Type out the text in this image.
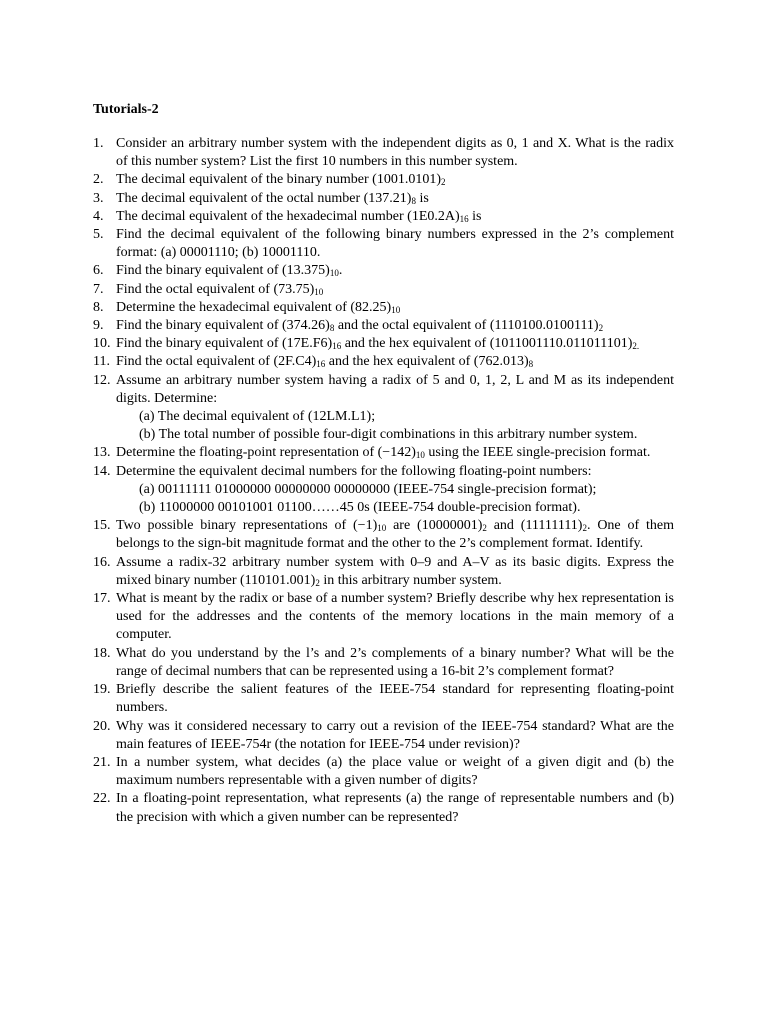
Tutorials-2
1. Consider an arbitrary number system with the independent digits as 0, 1 and X. What is the radix of this number system? List the first 10 numbers in this number system.
2. The decimal equivalent of the binary number $(1001.0101)_2$
3. The decimal equivalent of the octal number $(137.21)_8$ is
4. The decimal equivalent of the hexadecimal number $(1E0.2A)_{16}$ is
5. Find the decimal equivalent of the following binary numbers expressed in the 2’s complement format: (a) 00001110; (b) 10001110.
6. Find the binary equivalent of $(13.375)_{10}$.
7. Find the octal equivalent of $(73.75)_{10}$
8. Determine the hexadecimal equivalent of $(82.25)_{10}$
9. Find the binary equivalent of $(374.26)_8$ and the octal equivalent of $(1110100.0100111)_2$
10. Find the binary equivalent of $(17E.F6)_{16}$ and the hex equivalent of $(1011001110.011011101)_{2.}$
11. Find the octal equivalent of $(2F.C4)_{16}$ and the hex equivalent of $(762.013)_8$
12. Assume an arbitrary number system having a radix of 5 and 0, 1, 2, L and M as its independent digits. Determine:
(a) The decimal equivalent of (12LM.L1);
(b) The total number of possible four-digit combinations in this arbitrary number system.
13. Determine the floating-point representation of $(-142)_{10}$ using the IEEE single-precision format.
14. Determine the equivalent decimal numbers for the following floating-point numbers:
(a) 00111111 01000000 00000000 00000000 (IEEE-754 single-precision format);
(b) 11000000 00101001 01100……45 0s (IEEE-754 double-precision format).
15. Two possible binary representations of $(-1)_{10}$ are $(10000001)_2$ and $(11111111)_2$. One of them belongs to the sign-bit magnitude format and the other to the 2’s complement format. Identify.
16. Assume a radix-32 arbitrary number system with 0–9 and A–V as its basic digits. Express the mixed binary number $(110101.001)_2$ in this arbitrary number system.
17. What is meant by the radix or base of a number system? Briefly describe why hex representation is used for the addresses and the contents of the memory locations in the main memory of a computer.
18. What do you understand by the l’s and 2’s complements of a binary number? What will be the range of decimal numbers that can be represented using a 16-bit 2’s complement format?
19. Briefly describe the salient features of the IEEE-754 standard for representing floating-point numbers.
20. Why was it considered necessary to carry out a revision of the IEEE-754 standard? What are the main features of IEEE-754r (the notation for IEEE-754 under revision)?
21. In a number system, what decides (a) the place value or weight of a given digit and (b) the maximum numbers representable with a given number of digits?
22. In a floating-point representation, what represents (a) the range of representable numbers and (b) the precision with which a given number can be represented?
